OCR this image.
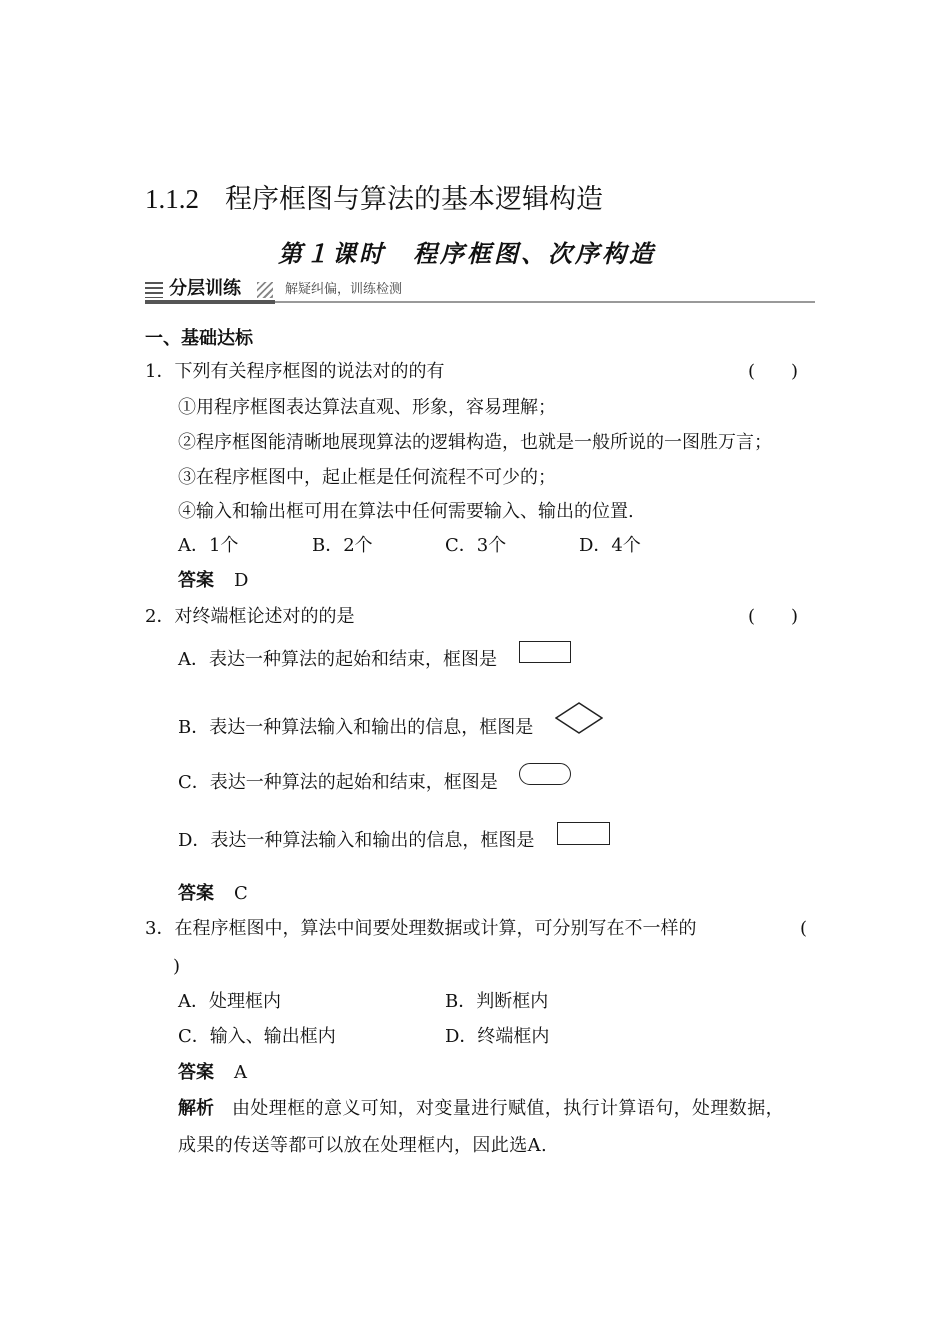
1.1.2 程序框图与算法的基本逻辑构造
第１课时　程序框图、次序构造
分层训练	解疑纠偏，训练检测
一、基础达标
1．下列有关程序框图的说法对的的有	(　　)
①用程序框图表达算法直观、形象，容易理解；
②程序框图能清晰地展现算法的逻辑构造，也就是一般所说的一图胜万言；
③在程序框图中，起止框是任何流程不可少的；
④输入和输出框可用在算法中任何需要输入、输出的位置.
A．1个	B．2个	C．3个	D．4个
答案 D
2．对终端框论述对的的是	(　　)
A．表达一种算法的起始和结束，框图是
B．表达一种算法输入和输出的信息，框图是
C．表达一种算法的起始和结束，框图是
D．表达一种算法输入和输出的信息，框图是
答案 C
3．在程序框图中，算法中间要处理数据或计算，可分别写在不一样的	(
)
A．处理框内	B．判断框内
C．输入、输出框内	D．终端框内
答案 A
解析 由处理框的意义可知，对变量进行赋值，执行计算语句，处理数据，
成果的传送等都可以放在处理框内，因此选A.
